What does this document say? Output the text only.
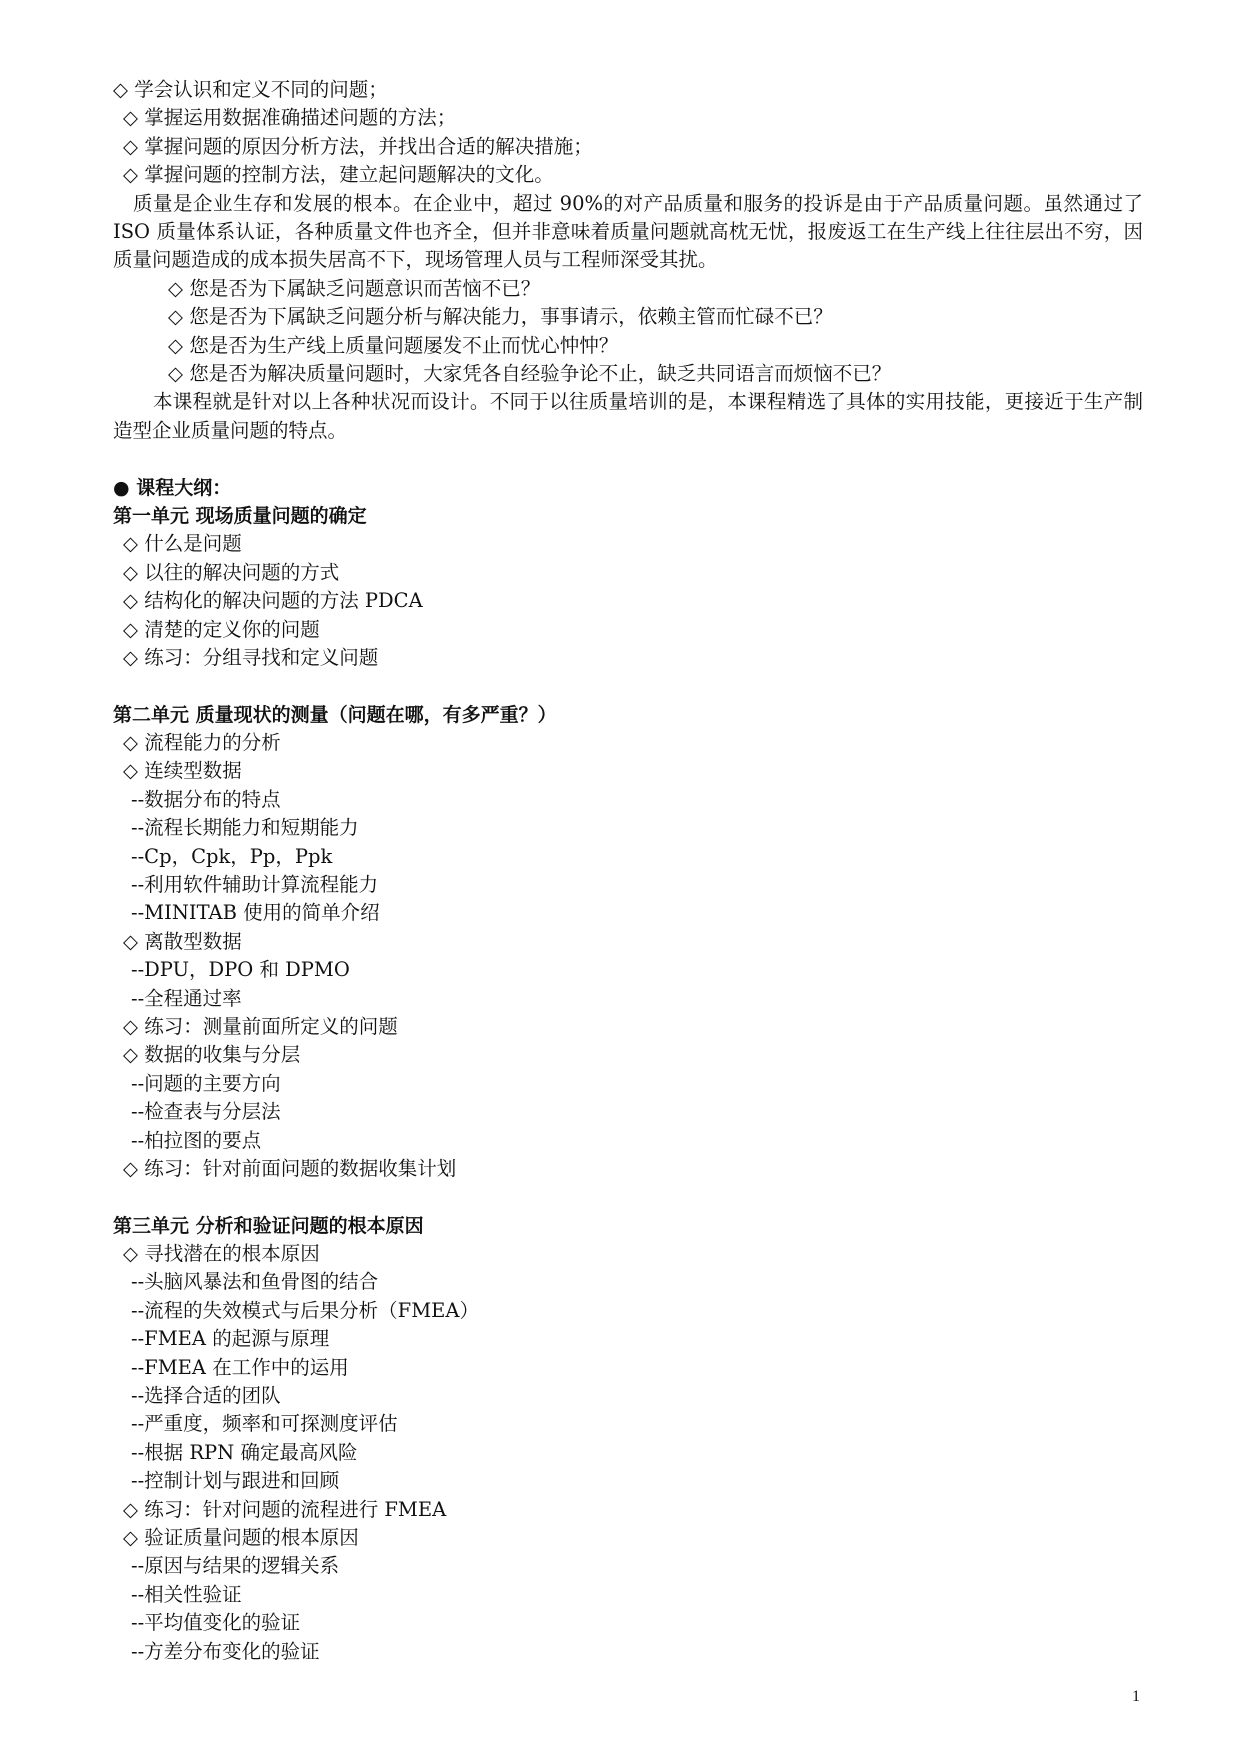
◇ 学会认识和定义不同的问题；
◇ 掌握运用数据准确描述问题的方法；
◇ 掌握问题的原因分析方法，并找出合适的解决措施；
◇ 掌握问题的控制方法，建立起问题解决的文化。
质量是企业生存和发展的根本。在企业中，超过 90%的对产品质量和服务的投诉是由于产品质量问题。虽然通过了 ISO 质量体系认证，各种质量文件也齐全，但并非意味着质量问题就高枕无忧，报废返工在生产线上往往层出不穷，因质量问题造成的成本损失居高不下，现场管理人员与工程师深受其扰。
◇ 您是否为下属缺乏问题意识而苦恼不已？
◇ 您是否为下属缺乏问题分析与解决能力，事事请示，依赖主管而忙碌不已？
◇ 您是否为生产线上质量问题屡发不止而忧心忡忡？
◇ 您是否为解决质量问题时，大家凭各自经验争论不止，缺乏共同语言而烦恼不已？
本课程就是针对以上各种状况而设计。不同于以往质量培训的是，本课程精选了具体的实用技能，更接近于生产制造型企业质量问题的特点。
● 课程大纲：
第一单元 现场质量问题的确定
◇ 什么是问题
◇ 以往的解决问题的方式
◇ 结构化的解决问题的方法 PDCA
◇ 清楚的定义你的问题
◇ 练习：分组寻找和定义问题
第二单元 质量现状的测量（问题在哪，有多严重？）
◇ 流程能力的分析
◇ 连续型数据
--数据分布的特点
--流程长期能力和短期能力
--Cp，Cpk，Pp，Ppk
--利用软件辅助计算流程能力
--MINITAB 使用的简单介绍
◇ 离散型数据
--DPU，DPO 和 DPMO
--全程通过率
◇ 练习：测量前面所定义的问题
◇ 数据的收集与分层
--问题的主要方向
--检查表与分层法
--柏拉图的要点
◇ 练习：针对前面问题的数据收集计划
第三单元 分析和验证问题的根本原因
◇ 寻找潜在的根本原因
--头脑风暴法和鱼骨图的结合
--流程的失效模式与后果分析（FMEA）
--FMEA 的起源与原理
--FMEA 在工作中的运用
--选择合适的团队
--严重度，频率和可探测度评估
--根据 RPN 确定最高风险
--控制计划与跟进和回顾
◇ 练习：针对问题的流程进行 FMEA
◇ 验证质量问题的根本原因
--原因与结果的逻辑关系
--相关性验证
--平均值变化的验证
--方差分布变化的验证
1
